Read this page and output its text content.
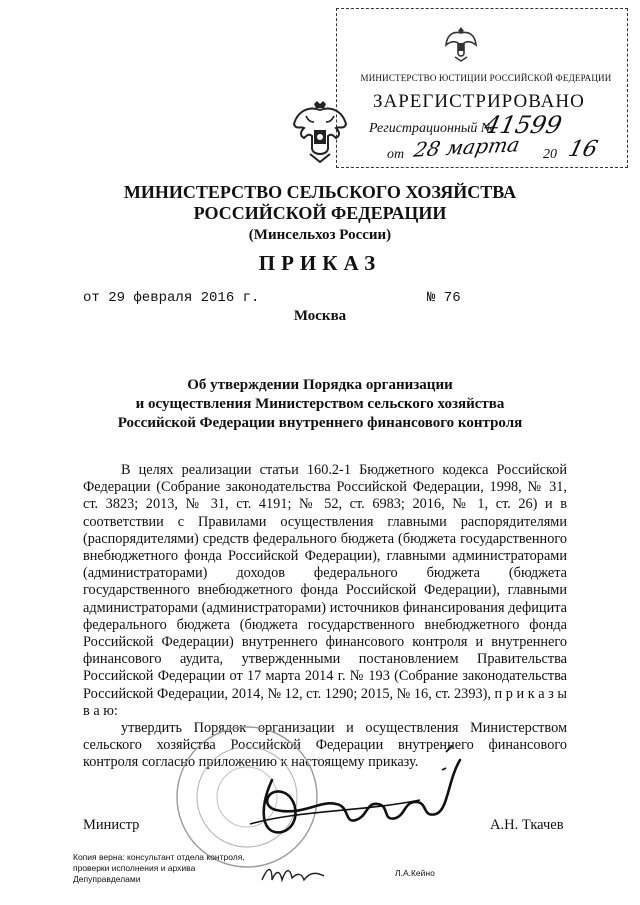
МИНИСТЕРСТВО ЮСТИЦИИ РОССИЙСКОЙ ФЕДЕРАЦИИ
ЗАРЕГИСТРИРОВАНО
Регистрационный №
41599
от 28 марта 20 16
МИНИСТЕРСТВО СЕЛЬСКОГО ХОЗЯЙСТВА
РОССИЙСКОЙ ФЕДЕРАЦИИ
(Минсельхоз России)
ПРИКАЗ
от 29 февраля 2016 г.	№ 76
Москва
Об утверждении Порядка организации
и осуществления Министерством сельского хозяйства
Российской Федерации внутреннего финансового контроля

В целях реализации статьи 160.2-1 Бюджетного кодекса Российской Федерации (Собрание законодательства Российской Федерации, 1998, № 31, ст. 3823; 2013, № 31, ст. 4191; № 52, ст. 6983; 2016, № 1, ст. 26) и в соответствии с Правилами осуществления главными распорядителями (распорядителями) средств федерального бюджета (бюджета государственного внебюджетного фонда Российской Федерации), главными администраторами (администраторами) доходов федерального бюджета (бюджета государственного внебюджетного фонда Российской Федерации), главными администраторами (администраторами) источников финансирования дефицита федерального бюджета (бюджета государственного внебюджетного фонда Российской Федерации) внутреннего финансового контроля и внутреннего финансового аудита, утвержденными постановлением Правительства Российской Федерации от 17 марта 2014 г. № 193 (Собрание законодательства Российской Федерации, 2014, № 12, ст. 1290; 2015, № 16, ст. 2393), п р и к а з ы в а ю:

утвердить Порядок организации и осуществления Министерством сельского хозяйства Российской Федерации внутреннего финансового контроля согласно приложению к настоящему приказу.

Министр	А.Н. Ткачев
Копия верна: консультант отдела контроля,
проверки исполнения и архива
Депуправделами
Л.А.Кейно
